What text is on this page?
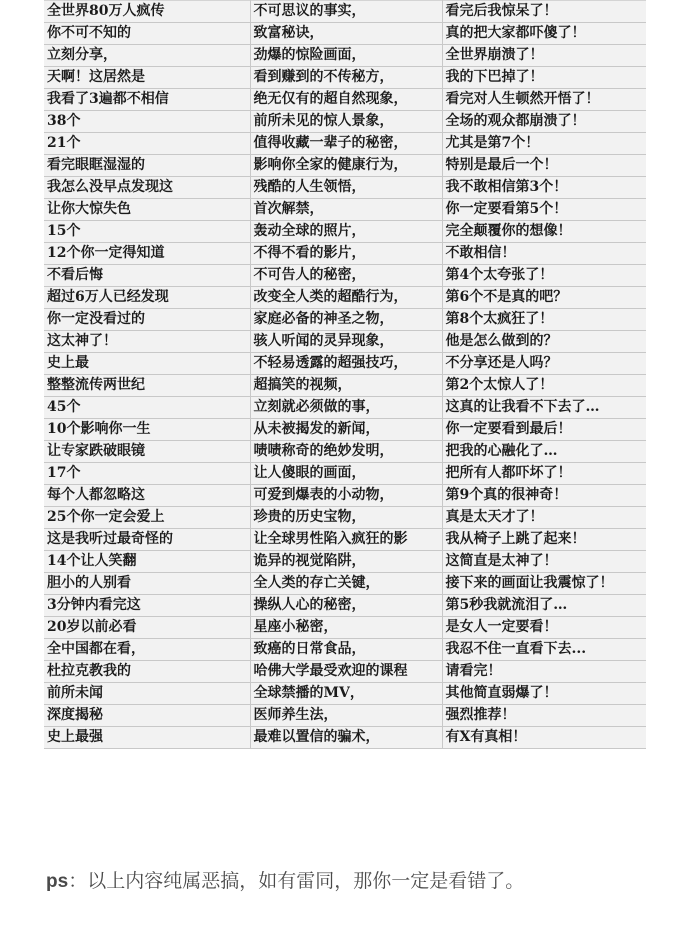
全世界80万人疯传	不可思议的事实，	看完后我惊呆了！
你不可不知的	致富秘诀，	真的把大家都吓傻了！
立刻分享，	劲爆的惊险画面，	全世界崩溃了！
天啊！这居然是	看到赚到的不传秘方，	我的下巴掉了！
我看了3遍都不相信	绝无仅有的超自然现象，	看完对人生顿然开悟了！
38个	前所未见的惊人景象，	全场的观众都崩溃了！
21个	值得收藏一辈子的秘密，	尤其是第7个！
看完眼眶湿湿的	影响你全家的健康行为，	特别是最后一个！
我怎么没早点发现这	残酷的人生领悟，	我不敢相信第3个！
让你大惊失色	首次解禁，	你一定要看第5个！
15个	轰动全球的照片，	完全颠覆你的想像！
12个你一定得知道	不得不看的影片，	不敢相信！
不看后悔	不可告人的秘密，	第4个太夸张了！
超过6万人已经发现	改变全人类的超酷行为，	第6个不是真的吧？
你一定没看过的	家庭必备的神圣之物，	第8个太疯狂了！
这太神了！	骇人听闻的灵异现象，	他是怎么做到的？
史上最	不轻易透露的超强技巧，	不分享还是人吗？
整整流传两世纪	超搞笑的视频，	第2个太惊人了！
45个	立刻就必须做的事，	这真的让我看不下去了…
10个影响你一生	从未被揭发的新闻，	你一定要看到最后！
让专家跌破眼镜	啧啧称奇的绝妙发明，	把我的心融化了…
17个	让人傻眼的画面，	把所有人都吓坏了！
每个人都忽略这	可爱到爆表的小动物，	第9个真的很神奇！
25个你一定会爱上	珍贵的历史宝物，	真是太天才了！
这是我听过最奇怪的	让全球男性陷入疯狂的影	我从椅子上跳了起来！
14个让人笑翻	诡异的视觉陷阱，	这简直是太神了！
胆小的人别看	全人类的存亡关键，	接下来的画面让我震惊了！
3分钟内看完这	操纵人心的秘密，	第5秒我就流泪了…
20岁以前必看	星座小秘密，	是女人一定要看！
全中国都在看，	致癌的日常食品，	我忍不住一直看下去...
杜拉克教我的	哈佛大学最受欢迎的课程	请看完！
前所未闻	全球禁播的MV，	其他简直弱爆了！
深度揭秘	医师养生法，	强烈推荐！
史上最强	最难以置信的骗术，	有X有真相！
ps：以上内容纯属恶搞，如有雷同，那你一定是看错了。
